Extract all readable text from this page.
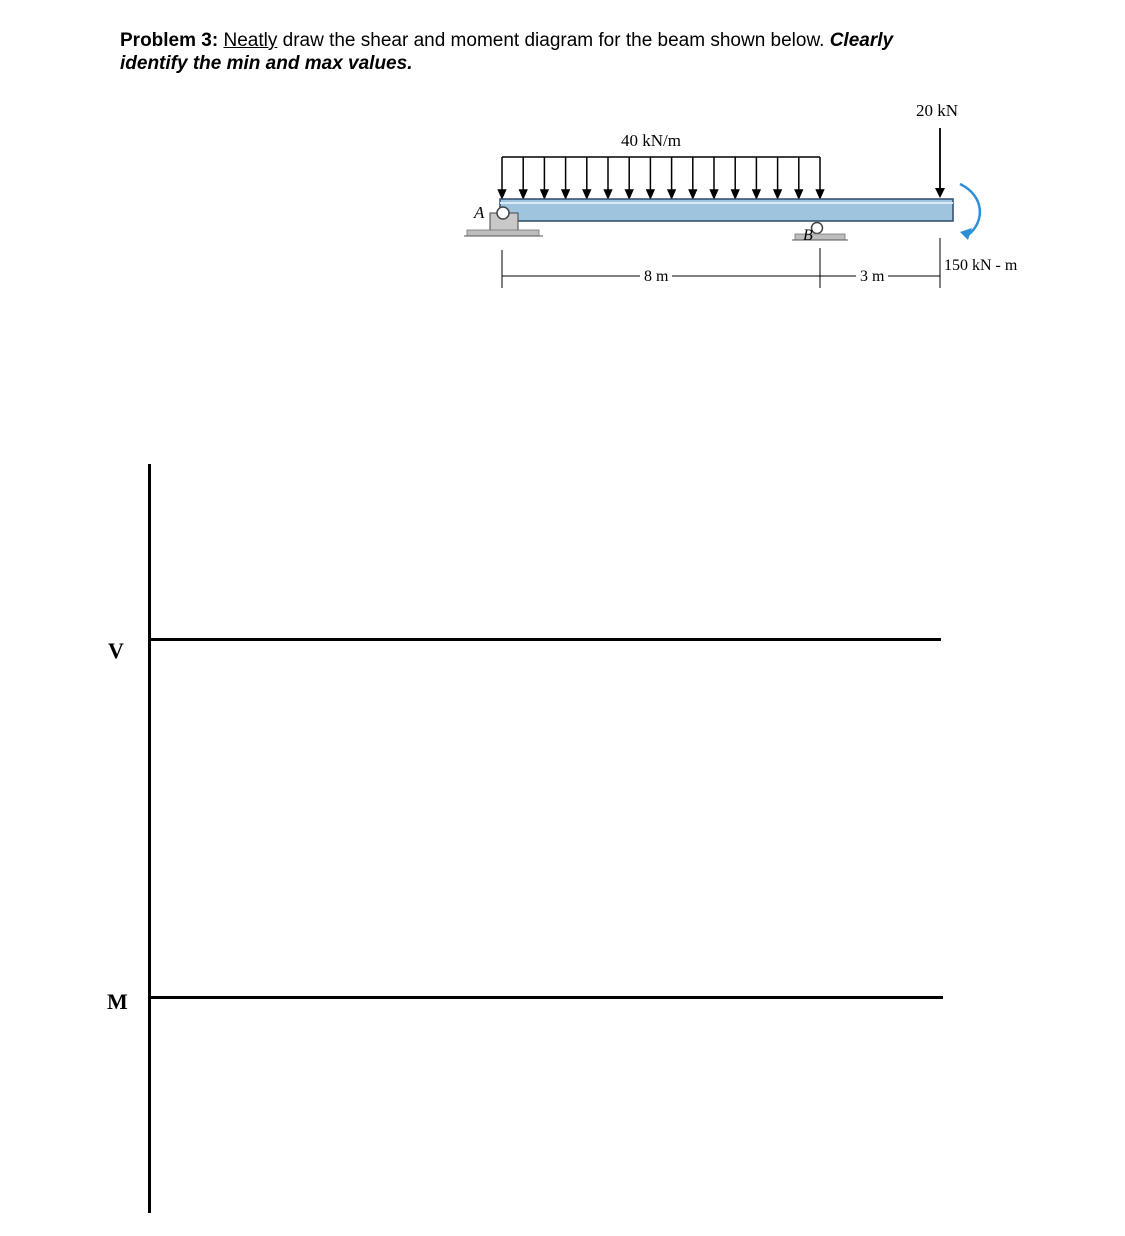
Problem 3: Neatly draw the shear and moment diagram for the beam shown below. Clearly
identify the min and max values.
40 kN/m
A
B
20 kN
150 kN - m
8 m	3 m
V
M
